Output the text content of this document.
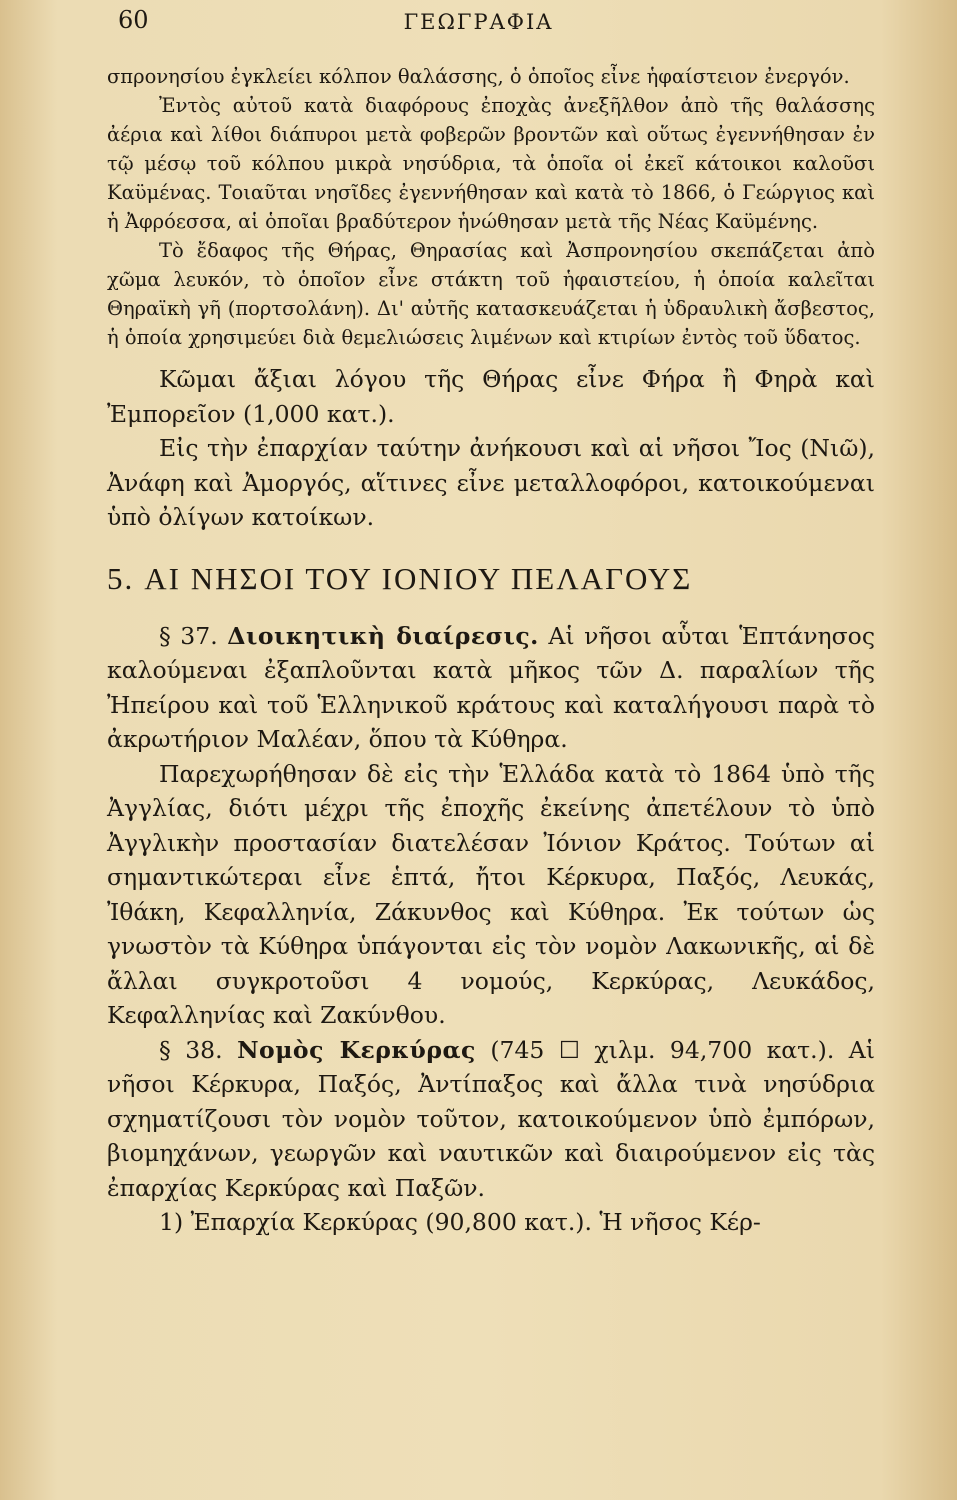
60	ΓΕΩΓΡΑΦΙΑ

σπρονησίου ἐγκλείει κόλπον θαλάσσης, ὁ ὁποῖος εἶνε ἡφαίστειον ἐνεργόν.

Ἐντὸς αὐτοῦ κατὰ διαφόρους ἐποχὰς ἀνεξῆλθον ἀπὸ τῆς θαλάσσης ἀέρια καὶ λίθοι διάπυροι μετὰ φοβερῶν βροντῶν καὶ οὕτως ἐγεννήθησαν ἐν τῷ μέσῳ τοῦ κόλπου μικρὰ νησύδρια, τὰ ὁποῖα οἱ ἐκεῖ κάτοικοι καλοῦσι Καϋμένας. Τοιαῦται νησῖδες ἐγεννήθησαν καὶ κατὰ τὸ 1866, ὁ Γεώργιος καὶ ἡ Ἀφρόεσσα, αἱ ὁποῖαι βραδύτερον ἡνώθησαν μετὰ τῆς Νέας Καϋμένης.

Τὸ ἔδαφος τῆς Θήρας, Θηρασίας καὶ Ἀσπρονησίου σκεπάζεται ἀπὸ χῶμα λευκόν, τὸ ὁποῖον εἶνε στάκτη τοῦ ἡφαιστείου, ἡ ὁποία καλεῖται Θηραϊκὴ γῆ (πορτσολάνη). Δι' αὐτῆς κατασκευάζεται ἡ ὑδραυλικὴ ἄσβεστος, ἡ ὁποία χρησιμεύει διὰ θεμελιώσεις λιμένων καὶ κτιρίων ἐντὸς τοῦ ὕδατος.

Κῶμαι ἄξιαι λόγου τῆς Θήρας εἶνε Φήρα ἢ Φηρὰ καὶ Ἐμπορεῖον (1,000 κατ.).

Εἰς τὴν ἐπαρχίαν ταύτην ἀνήκουσι καὶ αἱ νῆσοι Ἴος (Νιῶ), Ἀνάφη καὶ Ἀμοργός, αἵτινες εἶνε μεταλλοφόροι, κατοικούμεναι ὑπὸ ὀλίγων κατοίκων.

5. ΑΙ ΝΗΣΟΙ ΤΟΥ ΙΟΝΙΟΥ ΠΕΛΑΓΟΥΣ

§ 37. Διοικητικὴ διαίρεσις. Αἱ νῆσοι αὗται Ἑπτάνησος καλούμεναι ἐξαπλοῦνται κατὰ μῆκος τῶν Δ. παραλίων τῆς Ἠπείρου καὶ τοῦ Ἑλληνικοῦ κράτους καὶ καταλήγουσι παρὰ τὸ ἀκρωτήριον Μαλέαν, ὅπου τὰ Κύθηρα.

Παρεχωρήθησαν δὲ εἰς τὴν Ἑλλάδα κατὰ τὸ 1864 ὑπὸ τῆς Ἀγγλίας, διότι μέχρι τῆς ἐποχῆς ἐκείνης ἀπετέλουν τὸ ὑπὸ Ἀγγλικὴν προστασίαν διατελέσαν Ἰόνιον Κράτος. Τούτων αἱ σημαντικώτεραι εἶνε ἑπτά, ἤτοι Κέρκυρα, Παξός, Λευκάς, Ἰθάκη, Κεφαλληνία, Ζάκυνθος καὶ Κύθηρα. Ἐκ τούτων ὡς γνωστὸν τὰ Κύθηρα ὑπάγονται εἰς τὸν νομὸν Λακωνικῆς, αἱ δὲ ἄλλαι συγκροτοῦσι 4 νομούς, Κερκύρας, Λευκάδος, Κεφαλληνίας καὶ Ζακύνθου.

§ 38. Νομὸς Κερκύρας (745 ☐ χιλμ. 94,700 κατ.). Αἱ νῆσοι Κέρκυρα, Παξός, Ἀντίπαξος καὶ ἄλλα τινὰ νησύδρια σχηματίζουσι τὸν νομὸν τοῦτον, κατοικούμενον ὑπὸ ἐμπόρων, βιομηχάνων, γεωργῶν καὶ ναυτικῶν καὶ διαιρούμενον εἰς τὰς ἐπαρχίας Κερκύρας καὶ Παξῶν.

1) Ἐπαρχία Κερκύρας (90,800 κατ.). Ἡ νῆσος Κέρ-
